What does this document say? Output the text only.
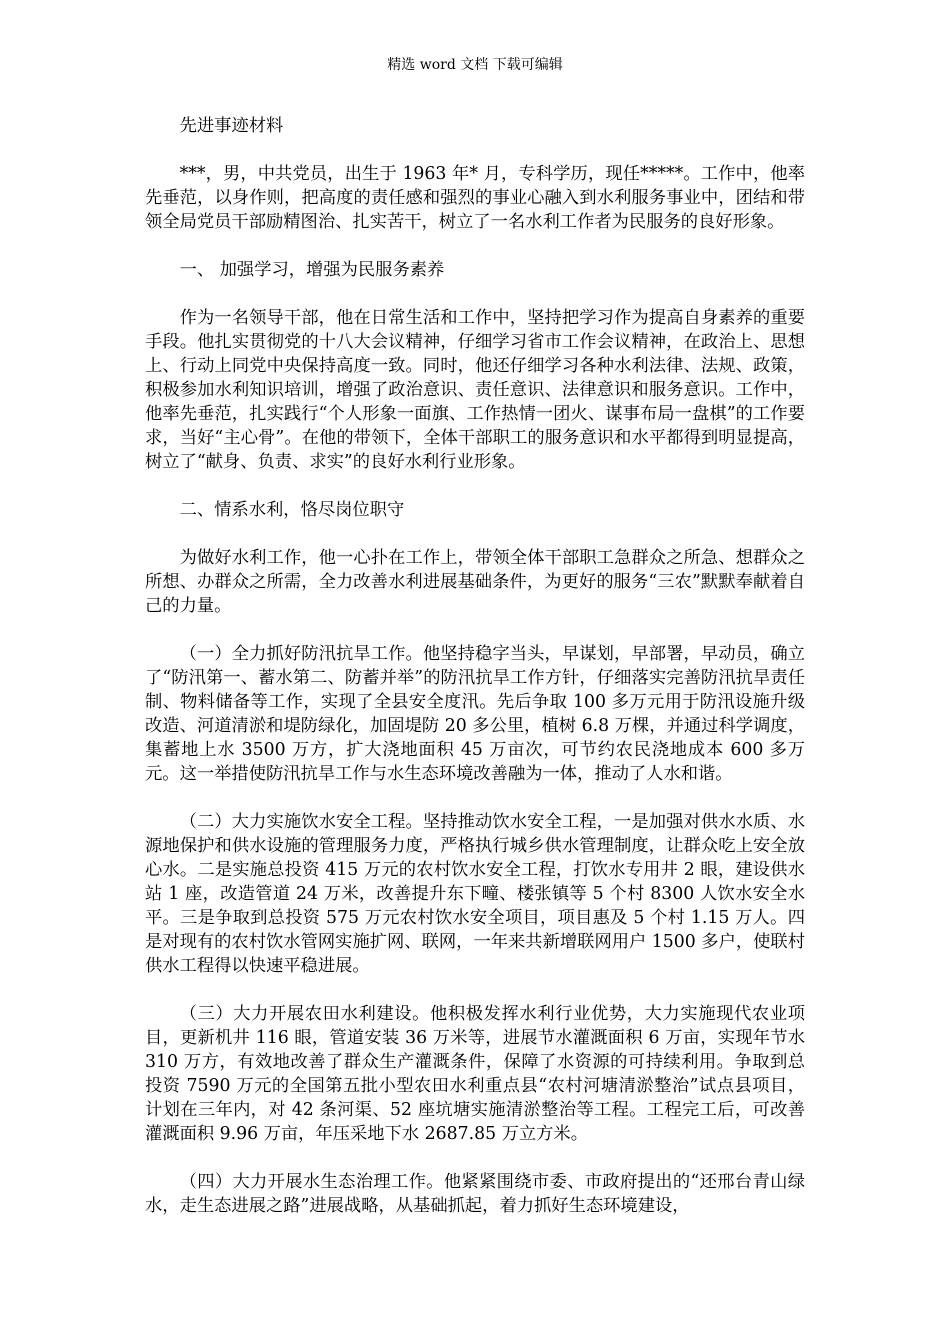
精选 word 文档 下载可编辑

先进事迹材料

***，男，中共党员，出生于 1963 年* 月，专科学历，现任*****。工作中，他率先垂范，以身作则，把高度的责任感和强烈的事业心融入到水利服务事业中，团结和带领全局党员干部励精图治、扎实苦干，树立了一名水利工作者为民服务的良好形象。

一、 加强学习，增强为民服务素养

作为一名领导干部，他在日常生活和工作中，坚持把学习作为提高自身素养的重要手段。他扎实贯彻党的十八大会议精神，仔细学习省市工作会议精神，在政治上、思想上、行动上同党中央保持高度一致。同时，他还仔细学习各种水利法律、法规、政策，积极参加水利知识培训，增强了政治意识、责任意识、法律意识和服务意识。工作中，他率先垂范，扎实践行“个人形象一面旗、工作热情一团火、谋事布局一盘棋”的工作要求，当好“主心骨”。在他的带领下，全体干部职工的服务意识和水平都得到明显提高，树立了“献身、负责、求实”的良好水利行业形象。

二、情系水利，恪尽岗位职守

为做好水利工作，他一心扑在工作上，带领全体干部职工急群众之所急、想群众之所想、办群众之所需，全力改善水利进展基础条件，为更好的服务“三农”默默奉献着自己的力量。

（一）全力抓好防汛抗旱工作。他坚持稳字当头，早谋划，早部署，早动员，确立了“防汛第一、蓄水第二、防蓄并举”的防汛抗旱工作方针，仔细落实完善防汛抗旱责任制、物料储备等工作，实现了全县安全度汛。先后争取 100 多万元用于防汛设施升级改造、河道清淤和堤防绿化，加固堤防 20 多公里，植树 6.8 万棵，并通过科学调度，集蓄地上水 3500 万方，扩大浇地面积 45 万亩次，可节约农民浇地成本 600 多万元。这一举措使防汛抗旱工作与水生态环境改善融为一体，推动了人水和谐。

（二）大力实施饮水安全工程。坚持推动饮水安全工程，一是加强对供水水质、水源地保护和供水设施的管理服务力度，严格执行城乡供水管理制度，让群众吃上安全放心水。二是实施总投资 415 万元的农村饮水安全工程，打饮水专用井 2 眼，建设供水站 1 座，改造管道 24 万米，改善提升东下疃、楼张镇等 5 个村 8300 人饮水安全水平。三是争取到总投资 575 万元农村饮水安全项目，项目惠及 5 个村 1.15 万人。四是对现有的农村饮水管网实施扩网、联网，一年来共新增联网用户 1500 多户，使联村供水工程得以快速平稳进展。

（三）大力开展农田水利建设。他积极发挥水利行业优势，大力实施现代农业项目，更新机井 116 眼，管道安装 36 万米等，进展节水灌溉面积 6 万亩，实现年节水 310 万方，有效地改善了群众生产灌溉条件，保障了水资源的可持续利用。争取到总投资 7590 万元的全国第五批小型农田水利重点县“农村河塘清淤整治”试点县项目，计划在三年内，对 42 条河渠、52 座坑塘实施清淤整治等工程。工程完工后，可改善灌溉面积 9.96 万亩，年压采地下水 2687.85 万立方米。

（四）大力开展水生态治理工作。他紧紧围绕市委、市政府提出的“还邢台青山绿水，走生态进展之路”进展战略，从基础抓起，着力抓好生态环境建设，
